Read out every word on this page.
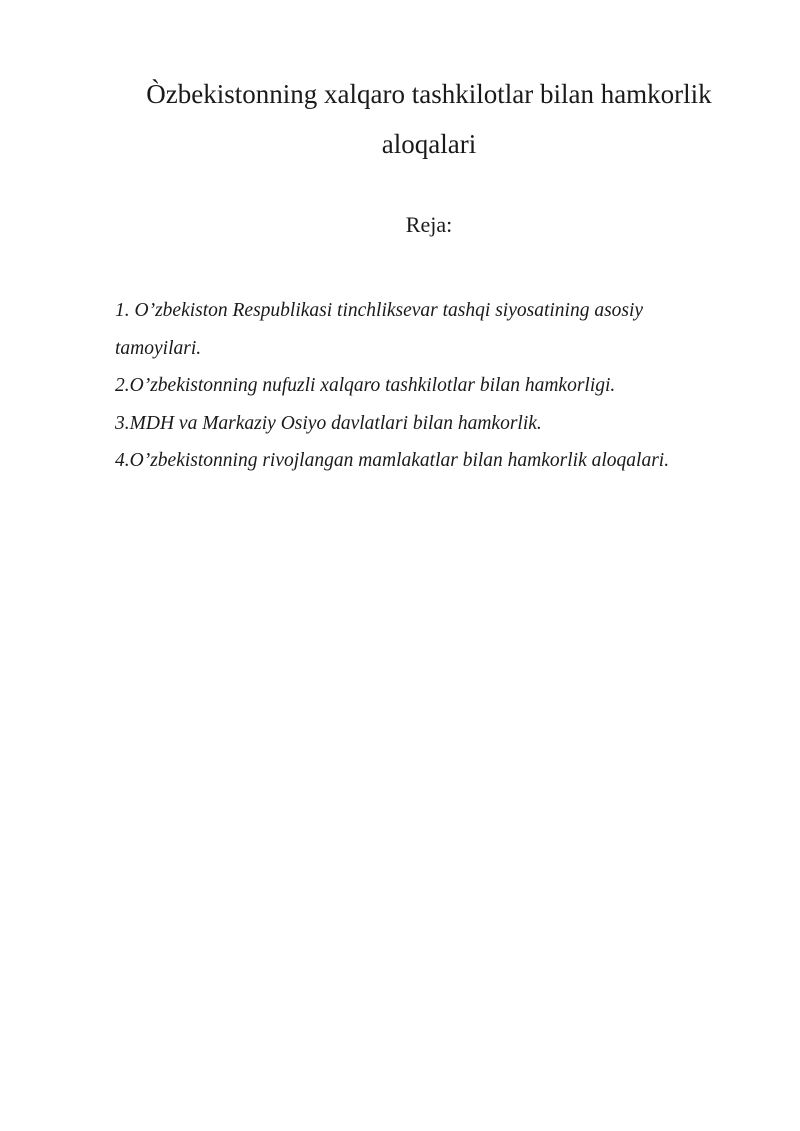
Òzbekistonning xalqaro tashkilotlar bilan hamkorlik
aloqalari
Reja:
1. O’zbekiston Respublikasi tinchliksevar tashqi siyosatining asosiy
tamoyilari.
2.O’zbekistonning nufuzli xalqaro tashkilotlar bilan hamkorligi.
3.MDH va Markaziy Osiyo davlatlari bilan hamkorlik.
4.O’zbekistonning rivojlangan mamlakatlar bilan hamkorlik aloqalari.
